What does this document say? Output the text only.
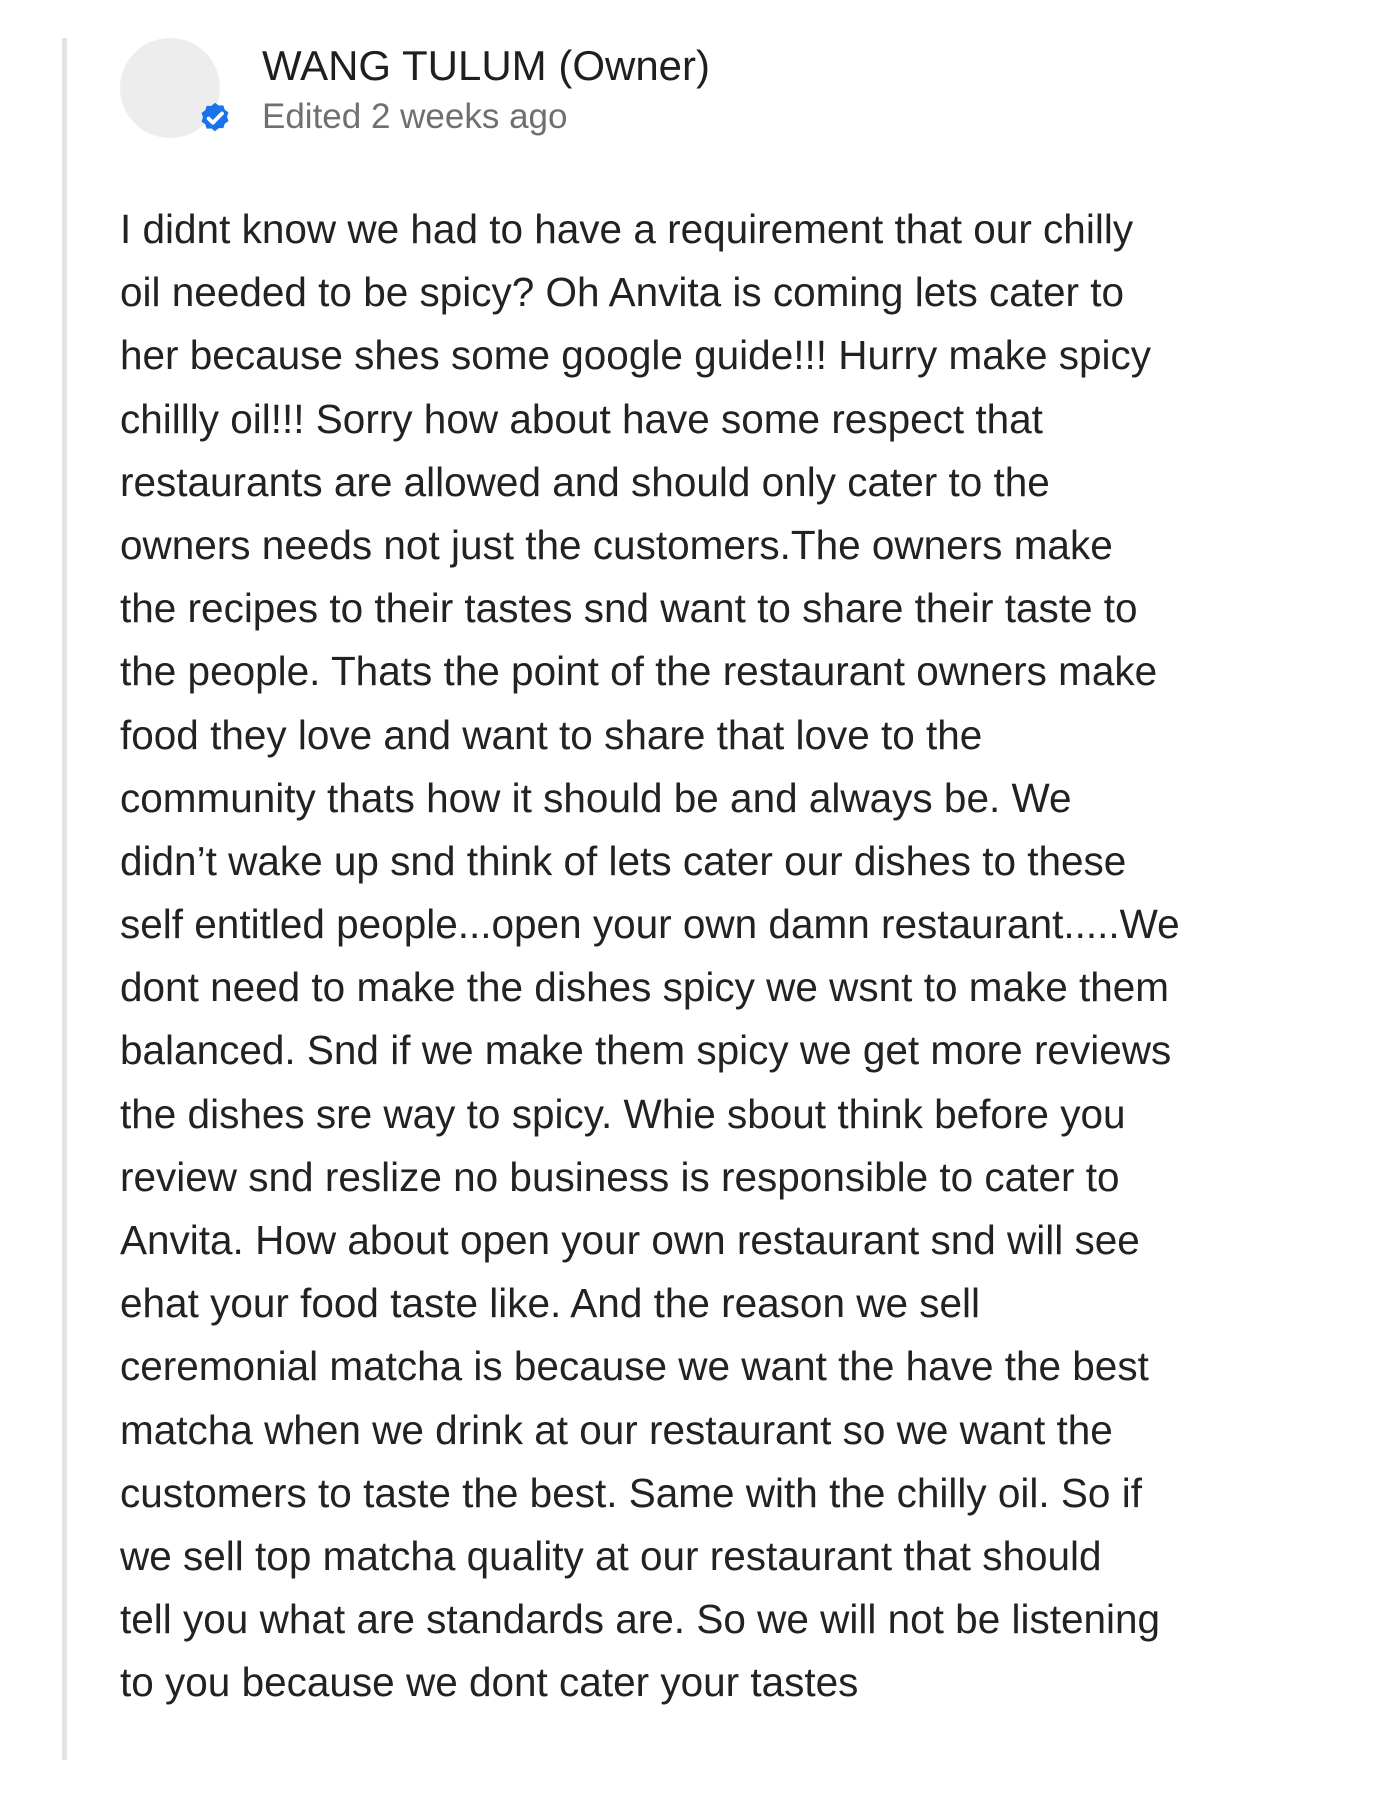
WANG TULUM (Owner)
Edited 2 weeks ago
I didnt know we had to have a requirement that our chilly
oil needed to be spicy? Oh Anvita is coming lets cater to
her because shes some google guide!!! Hurry make spicy
chillly oil!!! Sorry how about have some respect that
restaurants are allowed and should only cater to the
owners needs not just the customers.The owners make
the recipes to their tastes snd want to share their taste to
the people. Thats the point of the restaurant owners make
food they love and want to share that love to the
community thats how it should be and always be. We
didn’t wake up snd think of lets cater our dishes to these
self entitled people...open your own damn restaurant.....We
dont need to make the dishes spicy we wsnt to make them
balanced. Snd if we make them spicy we get more reviews
the dishes sre way to spicy. Whie sbout think before you
review snd reslize no business is responsible to cater to
Anvita. How about open your own restaurant snd will see
ehat your food taste like. And the reason we sell
ceremonial matcha is because we want the have the best
matcha when we drink at our restaurant so we want the
customers to taste the best. Same with the chilly oil. So if
we sell top matcha quality at our restaurant that should
tell you what are standards are. So we will not be listening
to you because we dont cater your tastes
